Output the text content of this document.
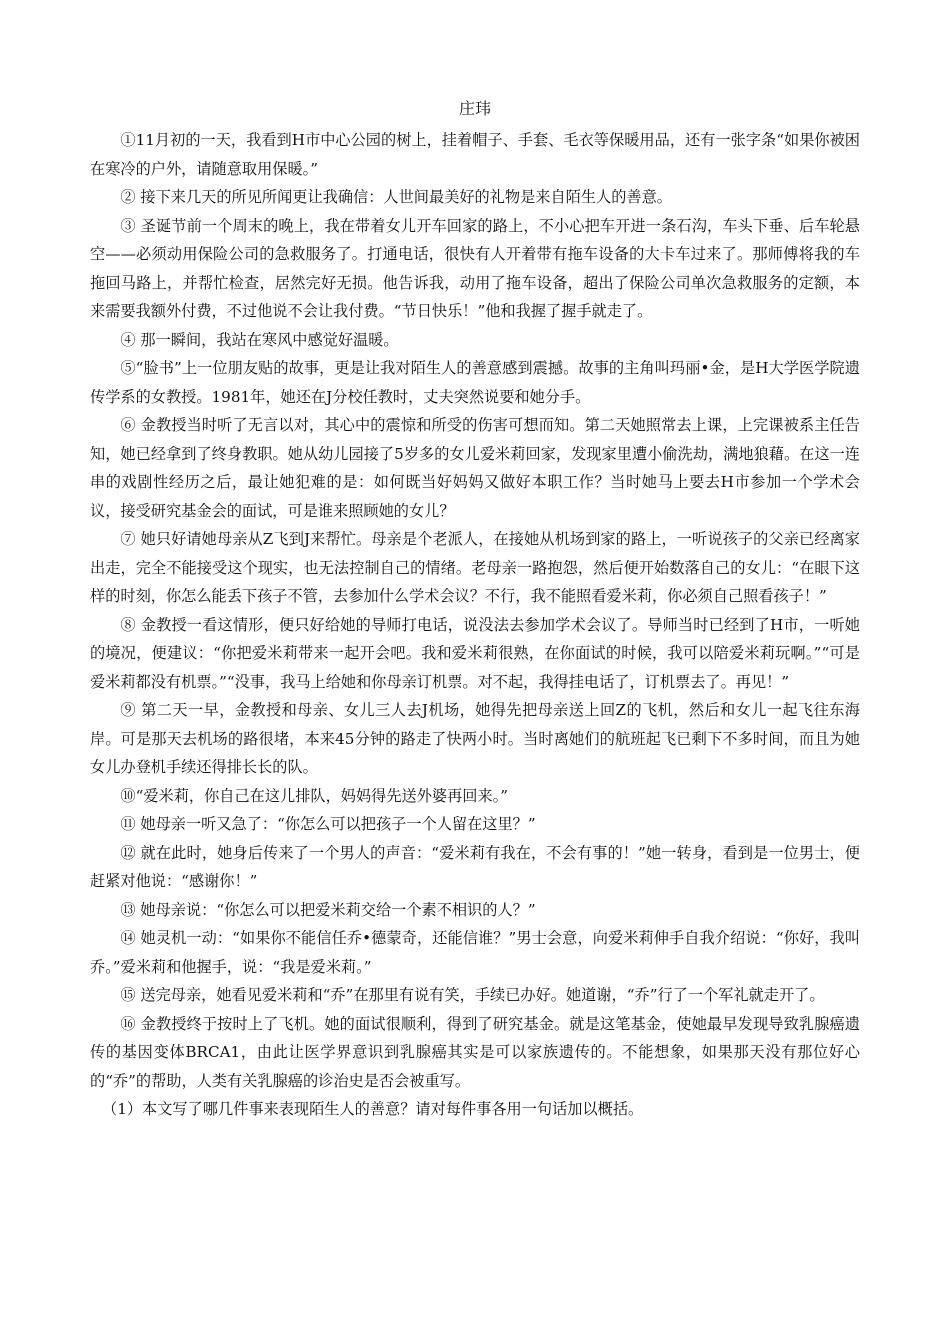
庄玮

①11月初的一天，我看到H市中心公园的树上，挂着帽子、手套、毛衣等保暖用品，还有一张字条“如果你被困在寒冷的户外，请随意取用保暖。”

② 接下来几天的所见所闻更让我确信：人世间最美好的礼物是来自陌生人的善意。

③ 圣诞节前一个周末的晚上，我在带着女儿开车回家的路上，不小心把车开进一条石沟，车头下垂、后车轮悬空——必须动用保险公司的急救服务了。打通电话，很快有人开着带有拖车设备的大卡车过来了。那师傅将我的车拖回马路上，并帮忙检查，居然完好无损。他告诉我，动用了拖车设备，超出了保险公司单次急救服务的定额，本来需要我额外付费，不过他说不会让我付费。“节日快乐！”他和我握了握手就走了。

④ 那一瞬间，我站在寒风中感觉好温暖。

⑤“脸书”上一位朋友贴的故事，更是让我对陌生人的善意感到震撼。故事的主角叫玛丽•金，是H大学医学院遗传学系的女教授。1981年，她还在J分校任教时，丈夫突然说要和她分手。

⑥ 金教授当时听了无言以对，其心中的震惊和所受的伤害可想而知。第二天她照常去上课，上完课被系主任告知，她已经拿到了终身教职。她从幼儿园接了5岁多的女儿爱米莉回家，发现家里遭小偷洗劫，满地狼藉。在这一连串的戏剧性经历之后，最让她犯难的是：如何既当好妈妈又做好本职工作？当时她马上要去H市参加一个学术会议，接受研究基金会的面试，可是谁来照顾她的女儿？

⑦ 她只好请她母亲从Z飞到J来帮忙。母亲是个老派人，在接她从机场到家的路上，一听说孩子的父亲已经离家出走，完全不能接受这个现实，也无法控制自己的情绪。老母亲一路抱怨，然后便开始数落自己的女儿：“在眼下这样的时刻，你怎么能丢下孩子不管，去参加什么学术会议？不行，我不能照看爱米莉，你必须自己照看孩子！”

⑧ 金教授一看这情形，便只好给她的导师打电话，说没法去参加学术会议了。导师当时已经到了H市，一听她的境况，便建议：“你把爱米莉带来一起开会吧。我和爱米莉很熟，在你面试的时候，我可以陪爱米莉玩啊。”“可是爱米莉都没有机票。”“没事，我马上给她和你母亲订机票。对不起，我得挂电话了，订机票去了。再见！”

⑨ 第二天一早，金教授和母亲、女儿三人去J机场，她得先把母亲送上回Z的飞机，然后和女儿一起飞往东海岸。可是那天去机场的路很堵，本来45分钟的路走了快两小时。当时离她们的航班起飞已剩下不多时间，而且为她女儿办登机手续还得排长长的队。

⑩“爱米莉，你自己在这儿排队，妈妈得先送外婆再回来。”

⑪ 她母亲一听又急了：“你怎么可以把孩子一个人留在这里？”

⑫ 就在此时，她身后传来了一个男人的声音：“爱米莉有我在，不会有事的！”她一转身，看到是一位男士，便赶紧对他说：“感谢你！”

⑬ 她母亲说：“你怎么可以把爱米莉交给一个素不相识的人？”

⑭ 她灵机一动：“如果你不能信任乔•德蒙奇，还能信谁？”男士会意，向爱米莉伸手自我介绍说：“你好，我叫乔。”爱米莉和他握手，说：“我是爱米莉。”

⑮ 送完母亲，她看见爱米莉和“乔”在那里有说有笑，手续已办好。她道谢，“乔”行了一个军礼就走开了。

⑯ 金教授终于按时上了飞机。她的面试很顺利，得到了研究基金。就是这笔基金，使她最早发现导致乳腺癌遗传的基因变体BRCA1，由此让医学界意识到乳腺癌其实是可以家族遗传的。不能想象，如果那天没有那位好心的“乔”的帮助，人类有关乳腺癌的诊治史是否会被重写。

（1）本文写了哪几件事来表现陌生人的善意？请对每件事各用一句话加以概括。
